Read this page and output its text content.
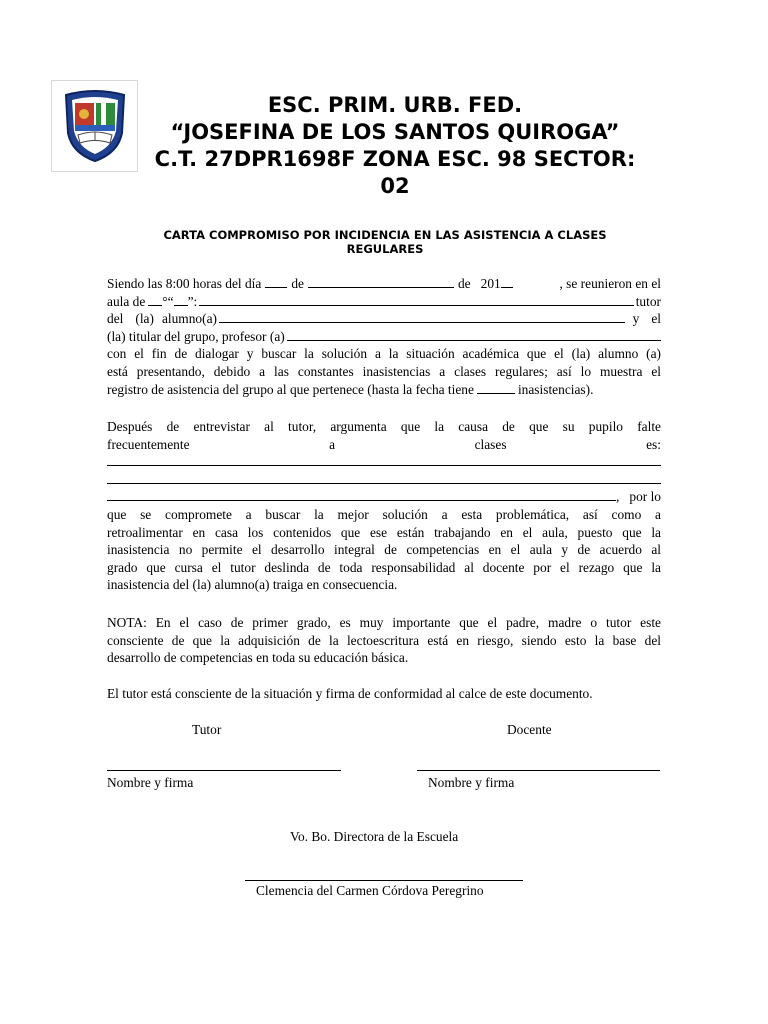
ESC. PRIM. URB. FED.
“JOSEFINA DE LOS SANTOS QUIROGA”
C.T. 27DPR1698F ZONA ESC. 98 SECTOR:
02
CARTA COMPROMISO POR INCIDENCIA EN LAS ASISTENCIA A CLASES
REGULARES
Siendo las 8:00 horas del día de	de 201	, se reunieron en el
aula de °“ ”:	tutor
del (la) alumno(a)	y el
(la) titular del grupo, profesor (a)
con el fin de dialogar y buscar la solución a la situación académica que el (la) alumno (a)
está presentando, debido a las constantes inasistencias a clases regulares; así lo muestra el
registro de asistencia del grupo al que pertenece (hasta la fecha tiene	inasistencias).
Después de entrevistar al tutor, argumenta que la causa de que su pupilo falte
frecuentemente	a	clases	es:
, por lo
que se compromete a buscar la mejor solución a esta problemática, así como a
retroalimentar en casa los contenidos que ese están trabajando en el aula, puesto que la
inasistencia no permite el desarrollo integral de competencias en el aula y de acuerdo al
grado que cursa el tutor deslinda de toda responsabilidad al docente por el rezago que la
inasistencia del (la) alumno(a) traiga en consecuencia.
NOTA: En el caso de primer grado, es muy importante que el padre, madre o tutor este
consciente de que la adquisición de la lectoescritura está en riesgo, siendo esto la base del
desarrollo de competencias en toda su educación básica.
El tutor está consciente de la situación y firma de conformidad al calce de este documento.
Tutor	Docente
Nombre y firma	Nombre y firma
Vo. Bo. Directora de la Escuela
Clemencia del Carmen Córdova Peregrino
